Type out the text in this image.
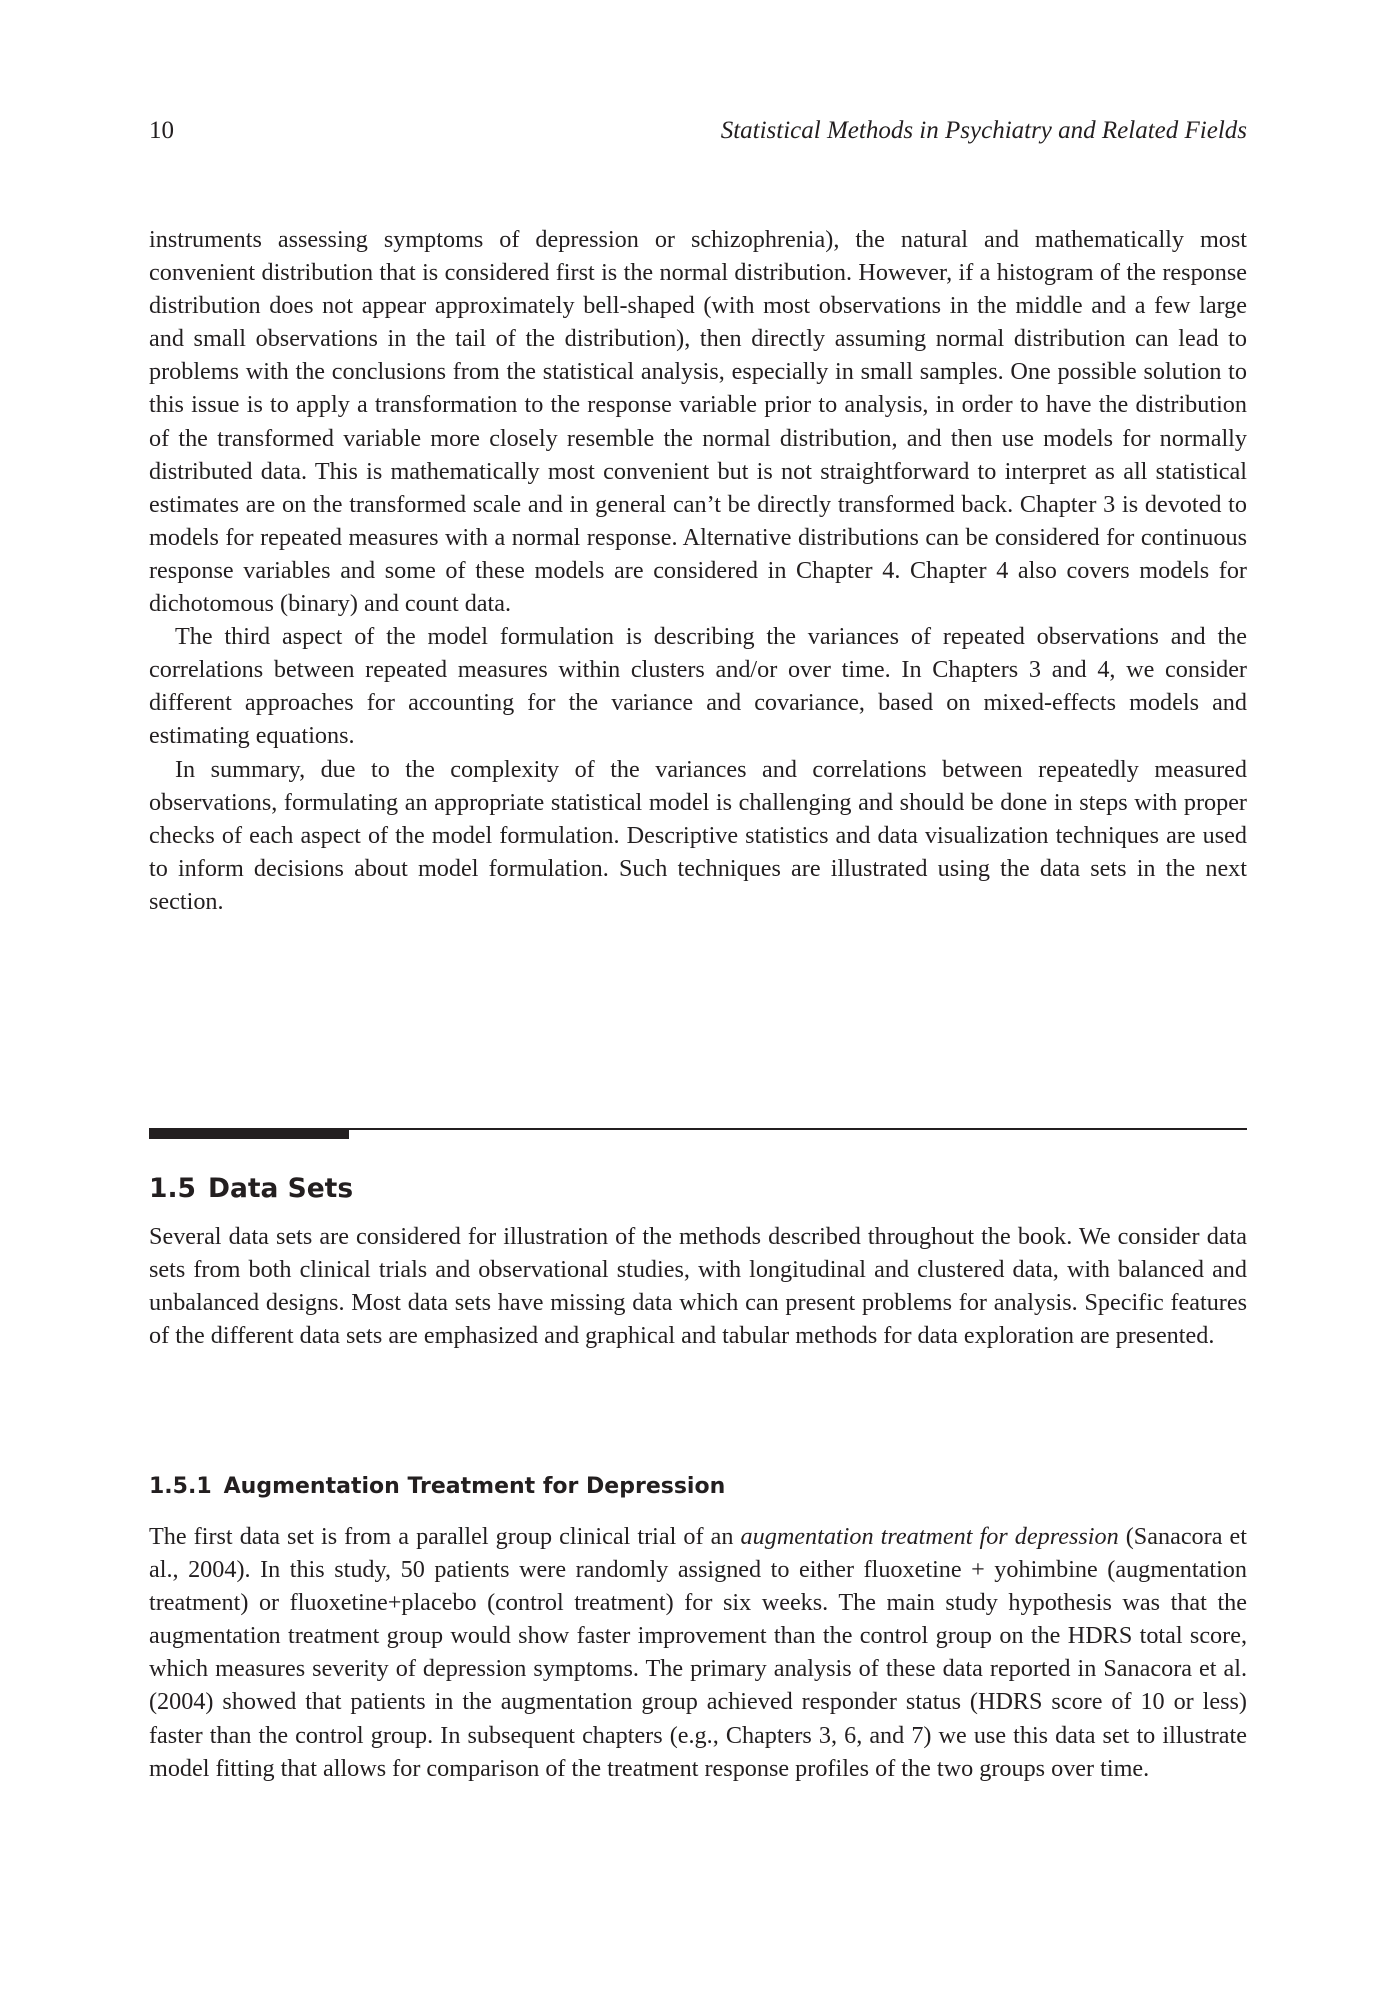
10	Statistical Methods in Psychiatry and Related Fields

instruments assessing symptoms of depression or schizophrenia), the natural and mathematically most convenient distribution that is considered first is the normal distribution. However, if a histogram of the response distribution does not appear approximately bell-shaped (with most observations in the middle and a few large and small observations in the tail of the distribution), then directly assuming normal distribution can lead to problems with the conclusions from the statistical analysis, especially in small samples. One possible solution to this issue is to apply a transformation to the response variable prior to analysis, in order to have the distribution of the transformed variable more closely resemble the normal distribution, and then use models for normally distributed data. This is mathematically most convenient but is not straightforward to interpret as all statistical estimates are on the transformed scale and in general can’t be directly transformed back. Chapter 3 is devoted to models for repeated measures with a normal response. Alternative distributions can be considered for continuous response variables and some of these models are considered in Chapter 4. Chapter 4 also covers models for dichotomous (binary) and count data.

The third aspect of the model formulation is describing the variances of repeated observations and the correlations between repeated measures within clusters and/or over time. In Chapters 3 and 4, we consider different approaches for accounting for the variance and covariance, based on mixed-effects models and estimating equations.

In summary, due to the complexity of the variances and correlations between repeatedly measured observations, formulating an appropriate statistical model is challenging and should be done in steps with proper checks of each aspect of the model formulation. Descriptive statistics and data visualization techniques are used to inform decisions about model formulation. Such techniques are illustrated using the data sets in the next section.

1.5 Data Sets

Several data sets are considered for illustration of the methods described throughout the book. We consider data sets from both clinical trials and observational studies, with longitudinal and clustered data, with balanced and unbalanced designs. Most data sets have missing data which can present problems for analysis. Specific features of the different data sets are emphasized and graphical and tabular methods for data exploration are presented.

1.5.1 Augmentation Treatment for Depression

The first data set is from a parallel group clinical trial of an augmentation treatment for depression (Sanacora et al., 2004). In this study, 50 patients were randomly assigned to either fluoxetine + yohimbine (augmentation treatment) or fluoxetine+placebo (control treatment) for six weeks. The main study hypothesis was that the augmentation treatment group would show faster improvement than the control group on the HDRS total score, which measures severity of depression symptoms. The primary analysis of these data reported in Sanacora et al. (2004) showed that patients in the augmentation group achieved responder status (HDRS score of 10 or less) faster than the control group. In subsequent chapters (e.g., Chapters 3, 6, and 7) we use this data set to illustrate model fitting that allows for comparison of the treatment response profiles of the two groups over time.
